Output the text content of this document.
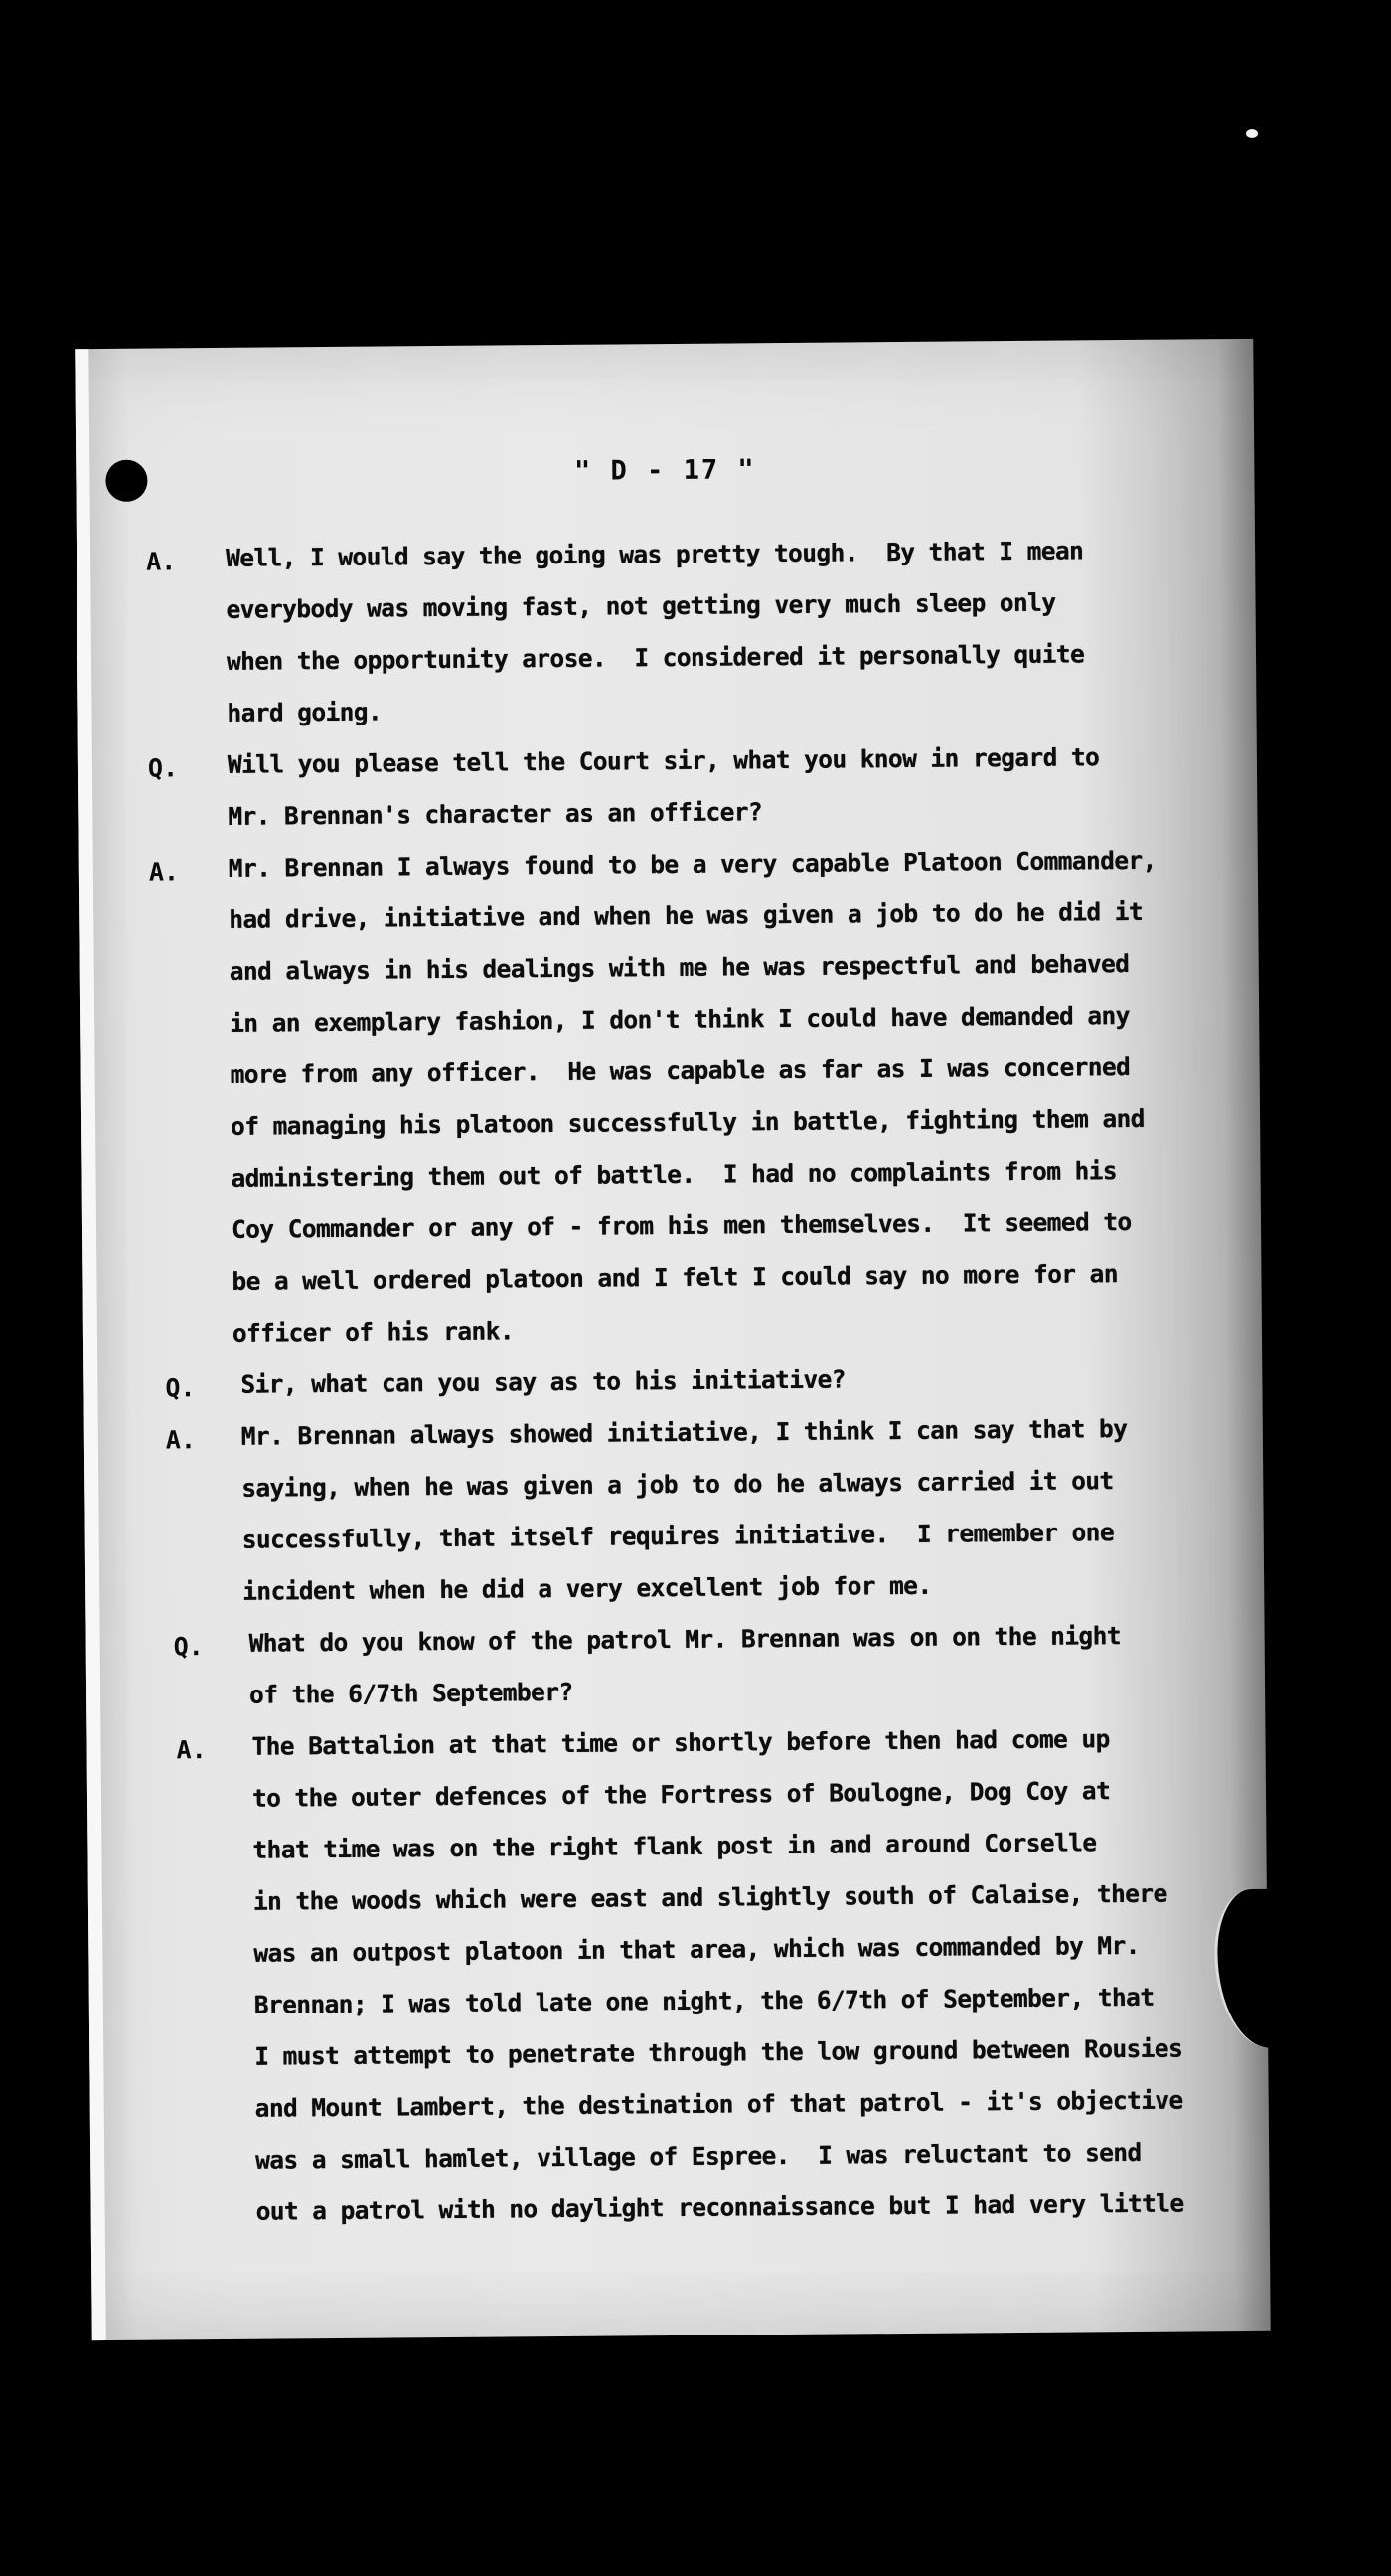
" D - 17 "
A. Well, I would say the going was pretty tough.  By that I mean
everybody was moving fast, not getting very much sleep only
when the opportunity arose.  I considered it personally quite
hard going.
Q. Will you please tell the Court sir, what you know in regard to
Mr. Brennan's character as an officer?
A. Mr. Brennan I always found to be a very capable Platoon Commander,
had drive, initiative and when he was given a job to do he did it
and always in his dealings with me he was respectful and behaved
in an exemplary fashion, I don't think I could have demanded any
more from any officer.  He was capable as far as I was concerned
of managing his platoon successfully in battle, fighting them and
administering them out of battle.  I had no complaints from his
Coy Commander or any of - from his men themselves.  It seemed to
be a well ordered platoon and I felt I could say no more for an
officer of his rank.
Q. Sir, what can you say as to his initiative?
A. Mr. Brennan always showed initiative, I think I can say that by
saying, when he was given a job to do he always carried it out
successfully, that itself requires initiative.  I remember one
incident when he did a very excellent job for me.
Q. What do you know of the patrol Mr. Brennan was on on the night
of the 6/7th September?
A. The Battalion at that time or shortly before then had come up
to the outer defences of the Fortress of Boulogne, Dog Coy at
that time was on the right flank post in and around Corselle
in the woods which were east and slightly south of Calaise, there
was an outpost platoon in that area, which was commanded by Mr.
Brennan; I was told late one night, the 6/7th of September, that
I must attempt to penetrate through the low ground between Rousies
and Mount Lambert, the destination of that patrol - it's objective
was a small hamlet, village of Espree.  I was reluctant to send
out a patrol with no daylight reconnaissance but I had very little
